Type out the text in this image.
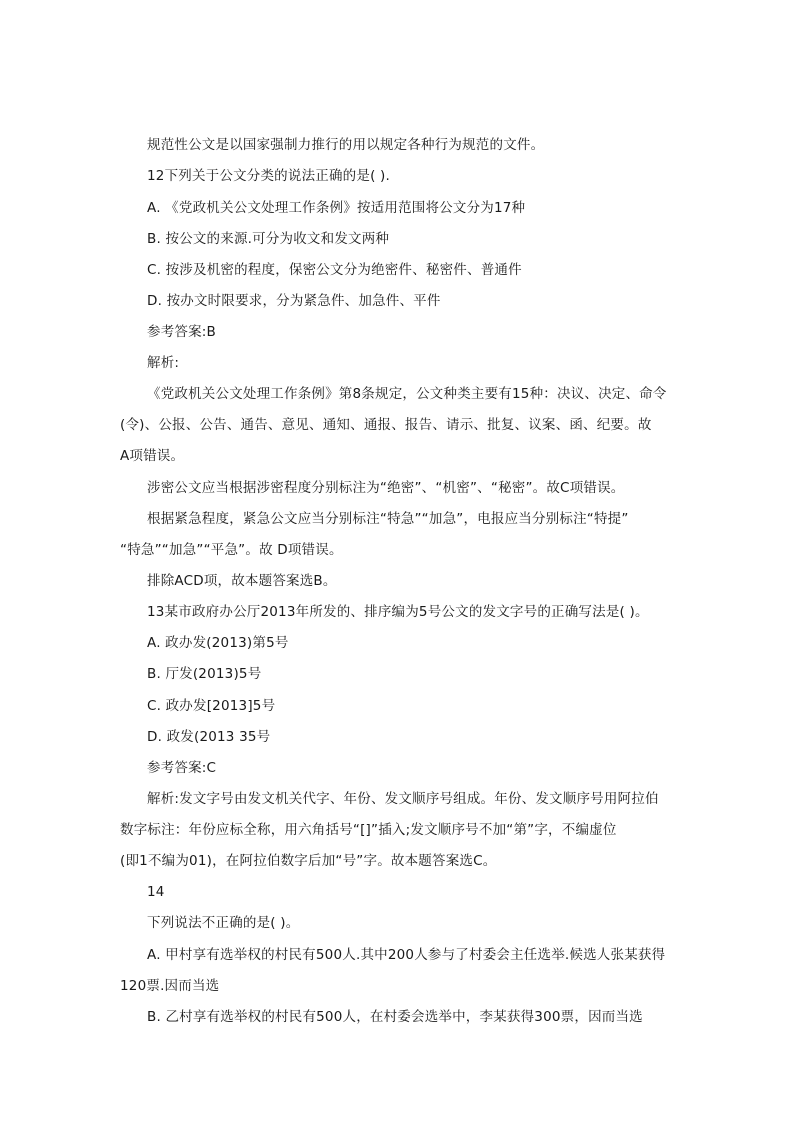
规范性公文是以国家强制力推行的用以规定各种行为规范的文件。

12下列关于公文分类的说法正确的是( ).

A. 《党政机关公文处理工作条例》按适用范围将公文分为17种

B. 按公文的来源.可分为收文和发文两种

C. 按涉及机密的程度，保密公文分为绝密件、秘密件、普通件

D. 按办文时限要求，分为紧急件、加急件、平件

参考答案:B

解析:

《党政机关公文处理工作条例》第8条规定，公文种类主要有15种：决议、决定、命令

(令)、公报、公告、通告、意见、通知、通报、报告、请示、批复、议案、函、纪要。故

A项错误。

涉密公文应当根据涉密程度分别标注为“绝密”、“机密”、“秘密”。故C项错误。

根据紧急程度，紧急公文应当分别标注“特急”“加急”，电报应当分别标注“特提”

“特急”“加急”“平急”。故 D项错误。

排除ACD项，故本题答案选B。

13某市政府办公厅2013年所发的、排序编为5号公文的发文字号的正确写法是( )。

A. 政办发(2013)第5号

B. 厅发(2013)5号

C. 政办发[2013]5号

D. 政发(2013 35号

参考答案:C

解析:发文字号由发文机关代字、年份、发文顺序号组成。年份、发文顺序号用阿拉伯

数字标注：年份应标全称，用六角括号“[]”插入;发文顺序号不加“第”字，不编虚位

(即1不编为01)，在阿拉伯数字后加“号”字。故本题答案选C。

14

下列说法不正确的是( )。

A. 甲村享有选举权的村民有500人.其中200人参与了村委会主任选举.候选人张某获得

120票.因而当选

B. 乙村享有选举权的村民有500人，在村委会选举中，李某获得300票，因而当选
